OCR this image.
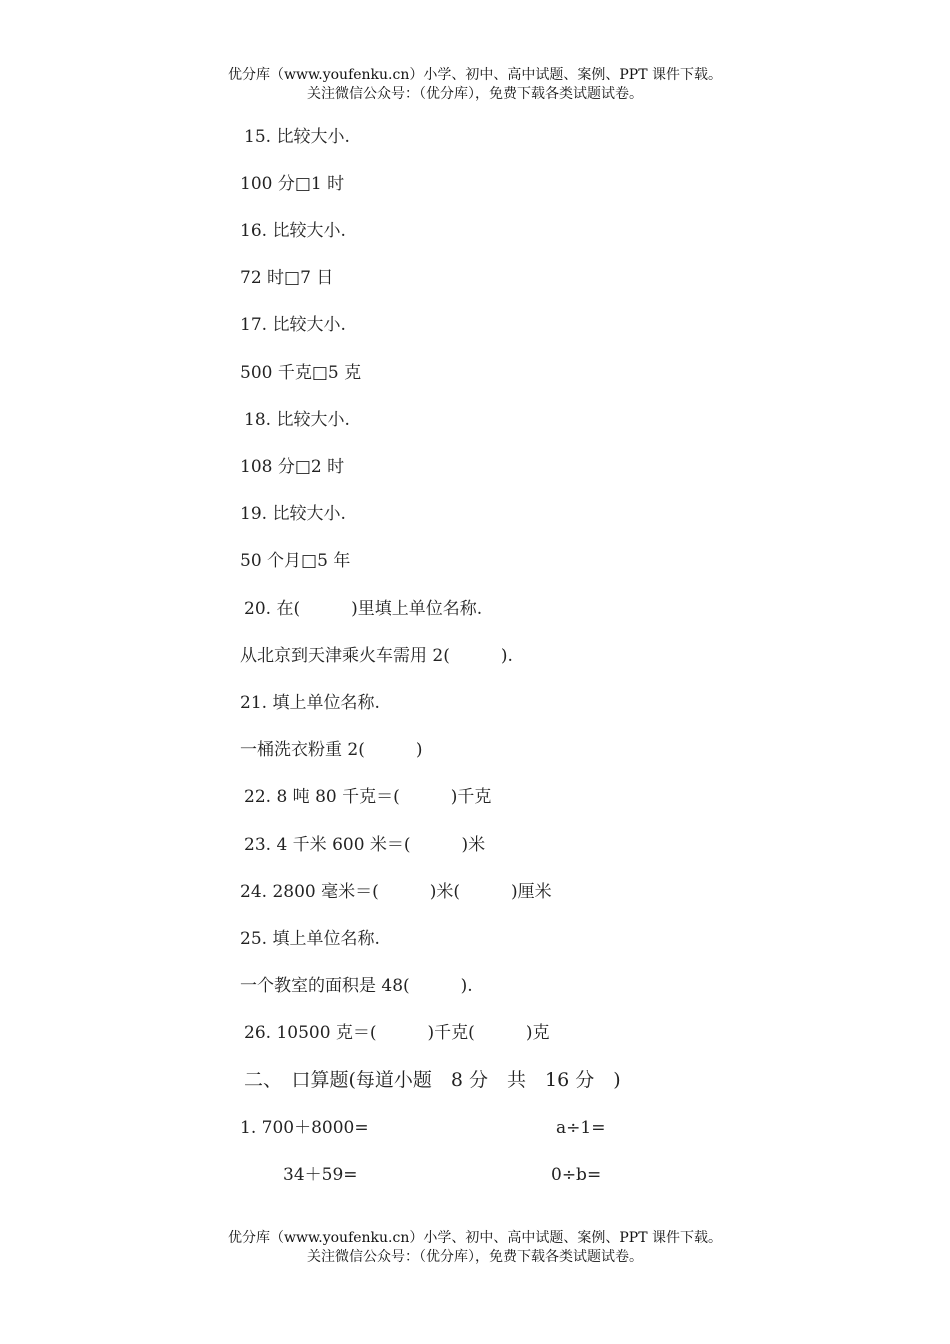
优分库（www.youfenku.cn）小学、初中、高中试题、案例、PPT 课件下载。
关注微信公众号：（优分库），免费下载各类试题试卷。

15. 比较大小.

100 分□1 时

16. 比较大小.

72 时□7 日

17. 比较大小.

500 千克□5 克

18. 比较大小.

108 分□2 时

19. 比较大小.

50 个月□5 年

20. 在(　　　)里填上单位名称.

从北京到天津乘火车需用 2(　　　).

21. 填上单位名称.

一桶洗衣粉重 2(　　　)

22. 8 吨 80 千克＝(　　　)千克

23. 4 千米 600 米＝(　　　)米

24. 2800 毫米＝(　　　)米(　　　)厘米

25. 填上单位名称.

一个教室的面积是 48(　　　).

26. 10500 克＝(　　　)千克(　　　)克

二、　口算题(每道小题　8 分　共　16 分　)

1. 700＋8000=	a÷1=

34＋59=	0÷b=

优分库（www.youfenku.cn）小学、初中、高中试题、案例、PPT 课件下载。
关注微信公众号：（优分库），免费下载各类试题试卷。
